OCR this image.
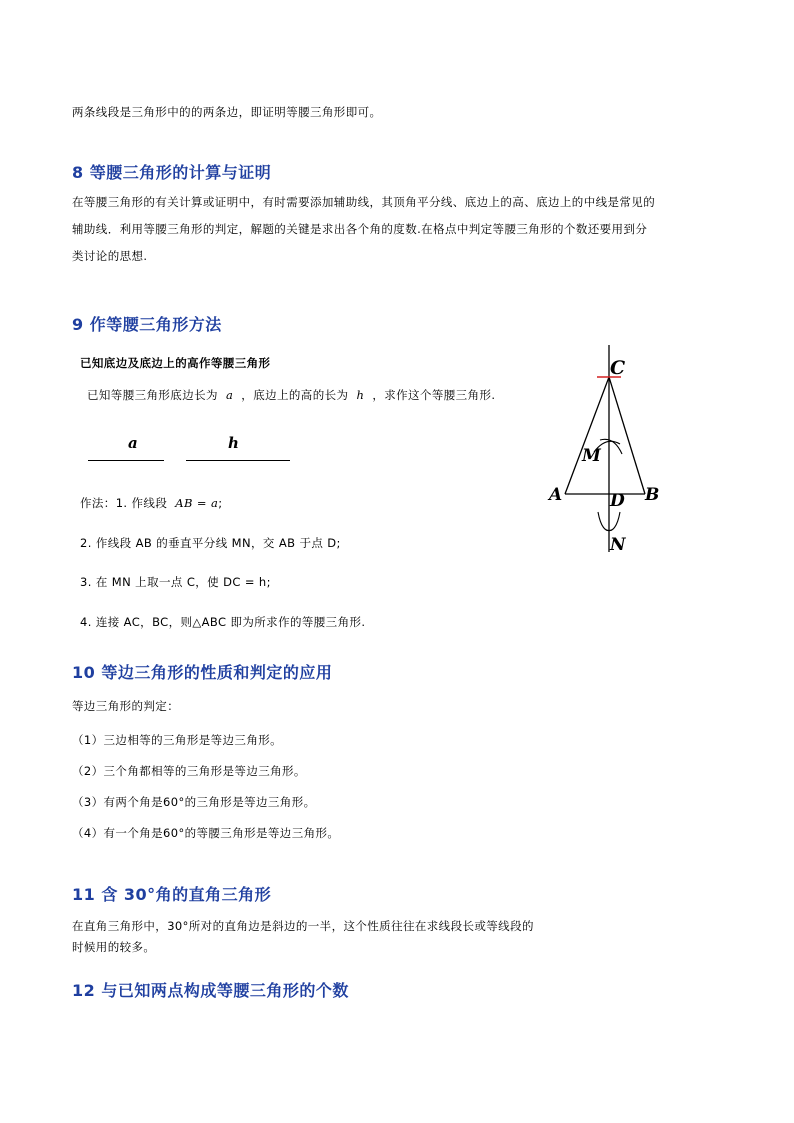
两条线段是三角形中的的两条边，即证明等腰三角形即可。
8 等腰三角形的计算与证明
在等腰三角形的有关计算或证明中，有时需要添加辅助线，其顶角平分线、底边上的高、底边上的中线是常见的
辅助线．利用等腰三角形的判定，解题的关键是求出各个角的度数.在格点中判定等腰三角形的个数还要用到分
类讨论的思想.
9 作等腰三角形方法
已知底边及底边上的高作等腰三角形
已知等腰三角形底边长为 a ，底边上的高的长为 h ，求作这个等腰三角形.
a	h
作法：1. 作线段 AB = a;
2. 作线段 AB 的垂直平分线 MN，交 AB 于点 D;
3. 在 MN 上取一点 C，使 DC = h;
4. 连接 AC，BC，则△ABC 即为所求作的等腰三角形.
C
M
A	D B
N
10 等边三角形的性质和判定的应用
等边三角形的判定：
（1）三边相等的三角形是等边三角形。
（2）三个角都相等的三角形是等边三角形。
（3）有两个角是60°的三角形是等边三角形。
（4）有一个角是60°的等腰三角形是等边三角形。
11 含 30°角的直角三角形
在直角三角形中，30°所对的直角边是斜边的一半，这个性质往往在求线段长或等线段的
时候用的较多。
12 与已知两点构成等腰三角形的个数
